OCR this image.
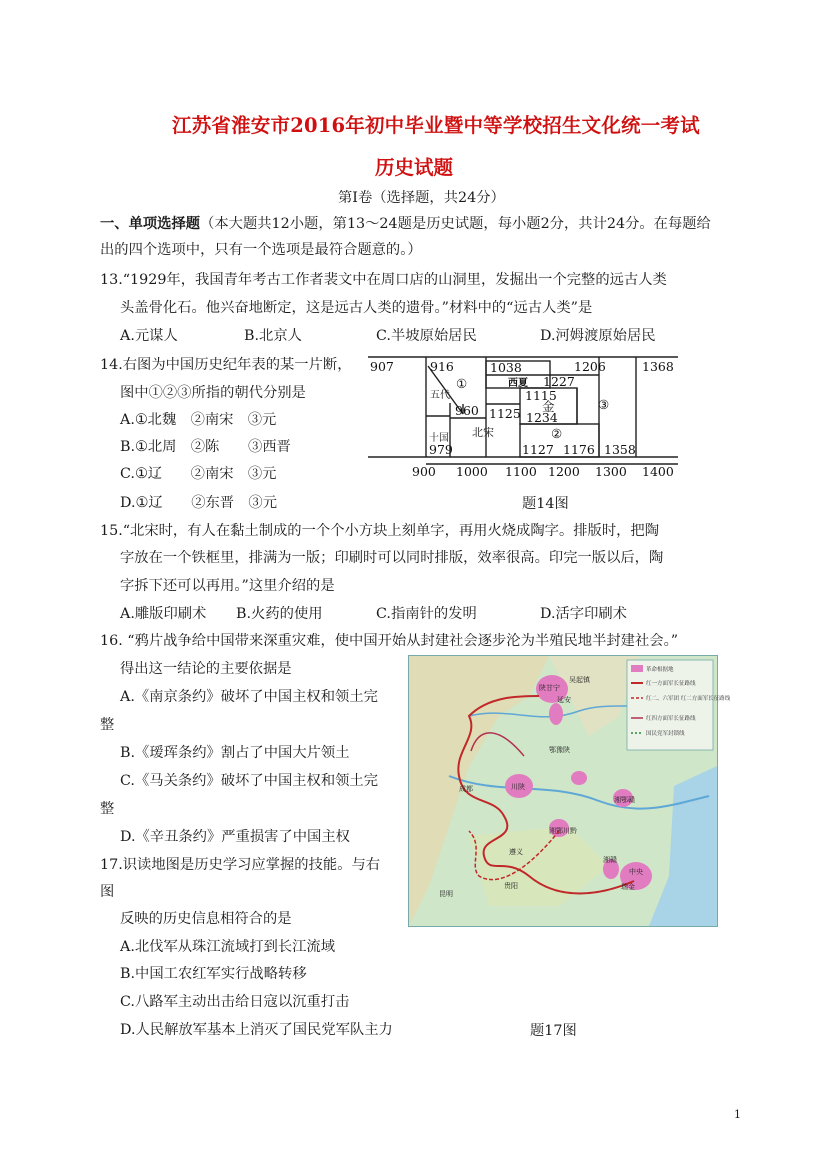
江苏省淮安市2016年初中毕业暨中等学校招生文化统一考试
历史试题
第Ⅰ卷（选择题，共24分）
一、单项选择题（本大题共12小题，第13～24题是历史试题，每小题2分，共计24分。在每题给
出的四个选项中，只有一个选项是最符合题意的。）
13.“1929年，我国青年考古工作者裴文中在周口店的山洞里，发掘出一个完整的远古人类
头盖骨化石。他兴奋地断定，这是远古人类的遗骨。”材料中的“远古人类”是
A.元谋人	B.北京人	C.半坡原始居民	D.河姆渡原始居民
14.右图为中国历史纪年表的某一片断，
图中①②③所指的朝代分别是
A.①北魏　②南宋　③元
B.①北周　②陈　　③西晋
C.①辽　　②南宋　③元
D.①辽　　②东晋　③元	题14图
907	916	1038	1206	1368
西夏 1227
①
1115
金
1234
③
五代
960 1125
十国
979
北宋	②
1127 1176 1358
900 1000 1100 1200 1300 1400
15.“北宋时，有人在黏土制成的一个个小方块上刻单字，再用火烧成陶字。排版时，把陶
字放在一个铁框里，排满为一版；印刷时可以同时排版，效率很高。印完一版以后，陶
字拆下还可以再用。”这里介绍的是
A.雕版印刷术 B.火药的使用	C.指南针的发明	D.活字印刷术
16. “鸦片战争给中国带来深重灾难，使中国开始从封建社会逐步沦为半殖民地半封建社会。”
得出这一结论的主要依据是
A.《南京条约》破坏了中国主权和领土完
整
B.《瑷珲条约》割占了中国大片领土
C.《马关条约》破坏了中国主权和领土完
整
D.《辛丑条约》严重损害了中国主权
17.识读地图是历史学习应掌握的技能。与右
图
反映的历史信息相符合的是
A.北伐军从珠江流域打到长江流域
B.中国工农红军实行战略转移
C.八路军主动出击给日寇以沉重打击
D.人民解放军基本上消灭了国民党军队主力	题17图
革命根据地
红一方面军长征路线
红二、六军团 红二方面军长征路线
红四方面军长征路线
国民党军封锁线
陕甘宁
吴起镇
鄂豫陕
川陕
湘鄂川黔
湘鄂赣
湘赣
中央
瑞金
遵义
昆明
贵阳
成都
延安
1
